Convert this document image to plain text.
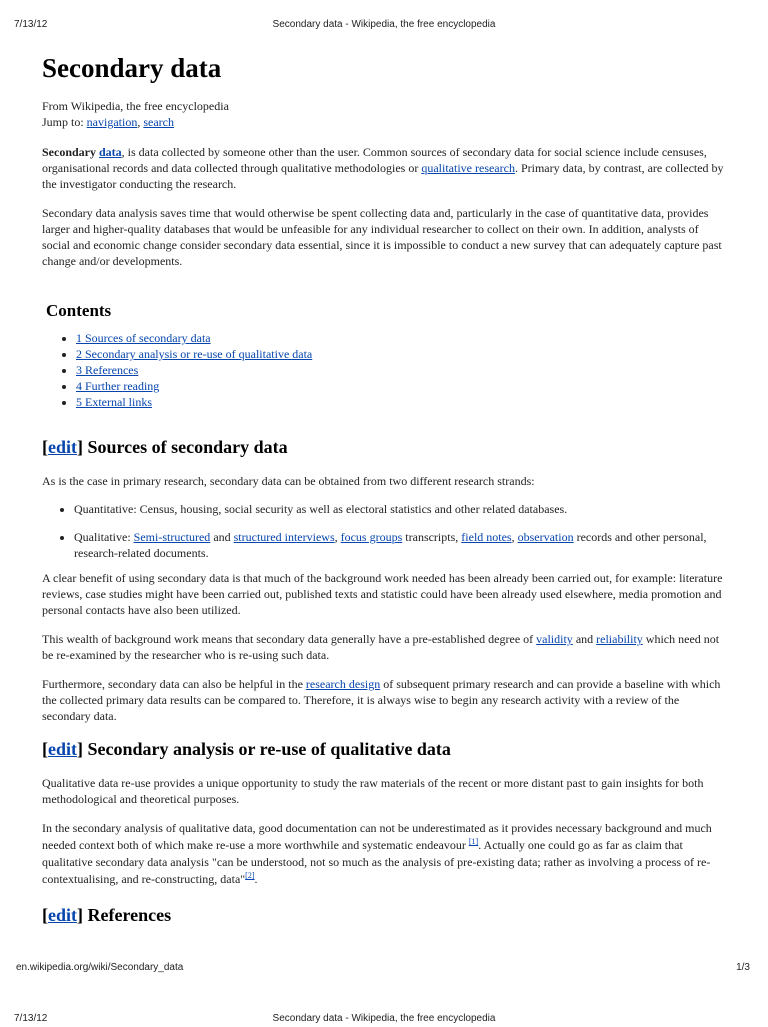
7/13/12	Secondary data - Wikipedia, the free encyclopedia
Secondary data
From Wikipedia, the free encyclopedia
Jump to: navigation, search

Secondary data, is data collected by someone other than the user. Common sources of secondary data for social science include censuses, organisational records and data collected through qualitative methodologies or qualitative research. Primary data, by contrast, are collected by the investigator conducting the research.

Secondary data analysis saves time that would otherwise be spent collecting data and, particularly in the case of quantitative data, provides larger and higher-quality databases that would be unfeasible for any individual researcher to collect on their own. In addition, analysts of social and economic change consider secondary data essential, since it is impossible to conduct a new survey that can adequately capture past change and/or developments.

Contents
• 1 Sources of secondary data
• 2 Secondary analysis or re-use of qualitative data
• 3 References
• 4 Further reading
• 5 External links
[edit] Sources of secondary data

As is the case in primary research, secondary data can be obtained from two different research strands:

• Quantitative: Census, housing, social security as well as electoral statistics and other related databases.
• Qualitative: Semi-structured and structured interviews, focus groups transcripts, field notes, observation records and other personal, research-related documents.

A clear benefit of using secondary data is that much of the background work needed has been already been carried out, for example: literature reviews, case studies might have been carried out, published texts and statistic could have been already used elsewhere, media promotion and personal contacts have also been utilized.

This wealth of background work means that secondary data generally have a pre-established degree of validity and reliability which need not be re-examined by the researcher who is re-using such data.

Furthermore, secondary data can also be helpful in the research design of subsequent primary research and can provide a baseline with which the collected primary data results can be compared to. Therefore, it is always wise to begin any research activity with a review of the secondary data.

[edit] Secondary analysis or re-use of qualitative data

Qualitative data re-use provides a unique opportunity to study the raw materials of the recent or more distant past to gain insights for both methodological and theoretical purposes.

In the secondary analysis of qualitative data, good documentation can not be underestimated as it provides necessary background and much needed context both of which make re-use a more worthwhile and systematic endeavour [1]. Actually one could go as far as claim that qualitative secondary data analysis "can be understood, not so much as the analysis of pre-existing data; rather as involving a process of re-contextualising, and re-constructing, data"[2].

[edit] References
en.wikipedia.org/wiki/Secondary_data	1/3
7/13/12	Secondary data - Wikipedia, the free encyclopedia
